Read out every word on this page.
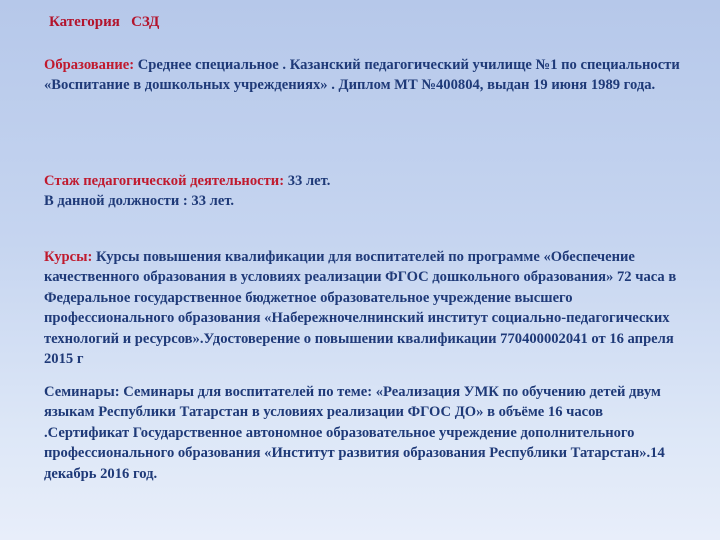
Категория   СЗД
Образование: Среднее специальное . Казанский педагогический училище №1 по специальности «Воспитание в дошкольных учреждениях» . Диплом МТ №400804, выдан 19 июня 1989 года.
Стаж педагогической деятельности: 33 лет.
В данной должности : 33 лет.
Курсы: Курсы повышения квалификации для воспитателей по программе «Обеспечение качественного образования в условиях реализации ФГОС дошкольного образования» 72 часа в Федеральное государственное бюджетное образовательное учреждение высшего профессионального образования «Набережночелнинский институт социально-педагогических технологий и ресурсов».Удостоверение о повышении квалификации 770400002041 от 16 апреля 2015 г
Семинары: Семинары для воспитателей по теме: «Реализация УМК по обучению детей двум языкам Республики Татарстан в условиях реализации ФГОС ДО» в объёме 16 часов .Сертификат Государственное автономное образовательное учреждение дополнительного профессионального образования «Институт развития образования Республики Татарстан».14 декабрь 2016 год.
